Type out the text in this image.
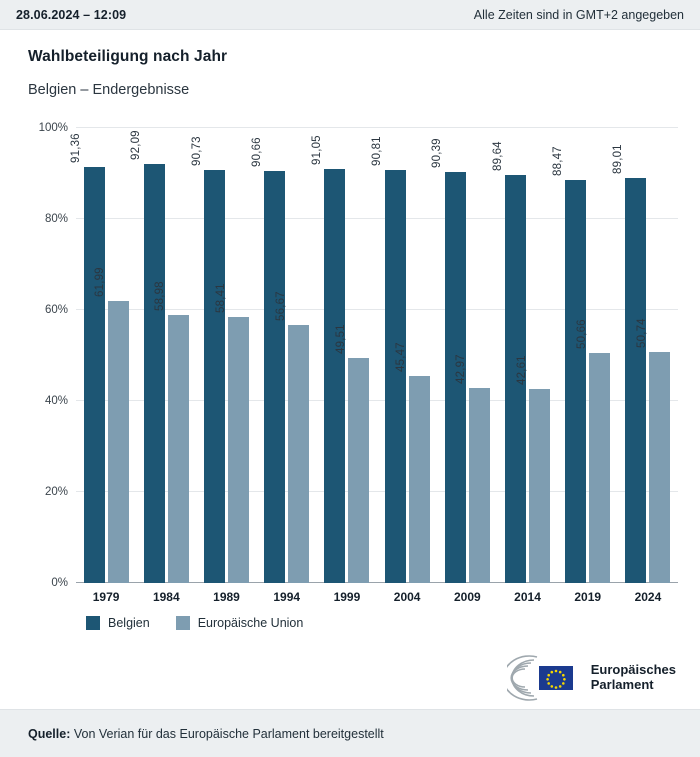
28.06.2024 – 12:09	Alle Zeiten sind in GMT+2 angegeben
Wahlbeteiligung nach Jahr

Belgien – Endergebnisse

0%
20%
40%
60%
80%
100%
91,36
61,99
92,09
58,98
90,73
58,41
90,66
56,67
91,05
49,51
90,81
45,47
90,39
42,97
89,64
42,61
88,47
50,66
89,01
50,74
1979	1984	1989	1994	1999	2004	2009	2014	2019	2024
Belgien	Europäische Union
Europäisches
Parlament
Quelle: Von Verian für das Europäische Parlament bereitgestellt
